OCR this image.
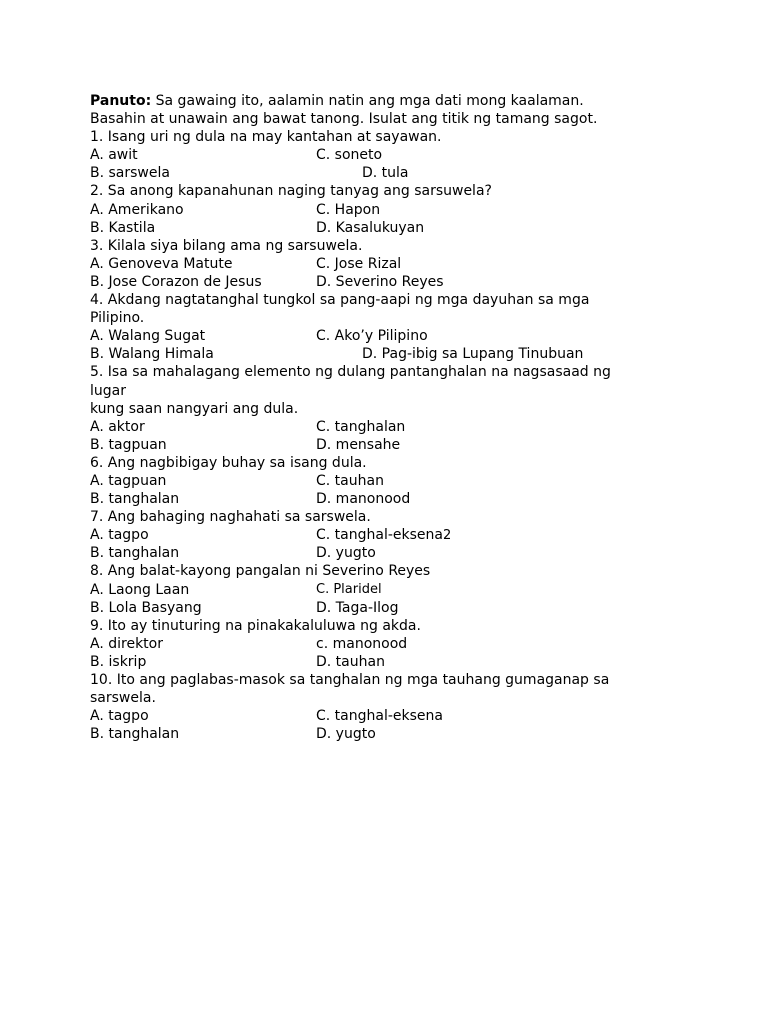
Panuto: Sa gawaing ito, aalamin natin ang mga dati mong kaalaman.
Basahin at unawain ang bawat tanong. Isulat ang titik ng tamang sagot.
1. Isang uri ng dula na may kantahan at sayawan.
A. awit	C. soneto
B. sarswela	D. tula
2. Sa anong kapanahunan naging tanyag ang sarsuwela?
A. Amerikano	C. Hapon
B. Kastila	D. Kasalukuyan
3. Kilala siya bilang ama ng sarsuwela.
A. Genoveva Matute	C. Jose Rizal
B. Jose Corazon de Jesus	D. Severino Reyes
4. Akdang nagtatanghal tungkol sa pang-aapi ng mga dayuhan sa mga
Pilipino.
A. Walang Sugat	C. Ako’y Pilipino
B. Walang Himala	D. Pag-ibig sa Lupang Tinubuan
5. Isa sa mahalagang elemento ng dulang pantanghalan na nagsasaad ng
lugar
kung saan nangyari ang dula.
A. aktor	C. tanghalan
B. tagpuan	D. mensahe
6. Ang nagbibigay buhay sa isang dula.
A. tagpuan	C. tauhan
B. tanghalan	D. manonood
7. Ang bahaging naghahati sa sarswela.
A. tagpo	C. tanghal-eksena2
B. tanghalan	D. yugto
8. Ang balat-kayong pangalan ni Severino Reyes
A. Laong Laan	C. Plaridel
B. Lola Basyang	D. Taga-Ilog
9. Ito ay tinuturing na pinakakaluluwa ng akda.
A. direktor	c. manonood
B. iskrip	D. tauhan
10. Ito ang paglabas-masok sa tanghalan ng mga tauhang gumaganap sa
sarswela.
A. tagpo	C. tanghal-eksena
B. tanghalan	D. yugto
